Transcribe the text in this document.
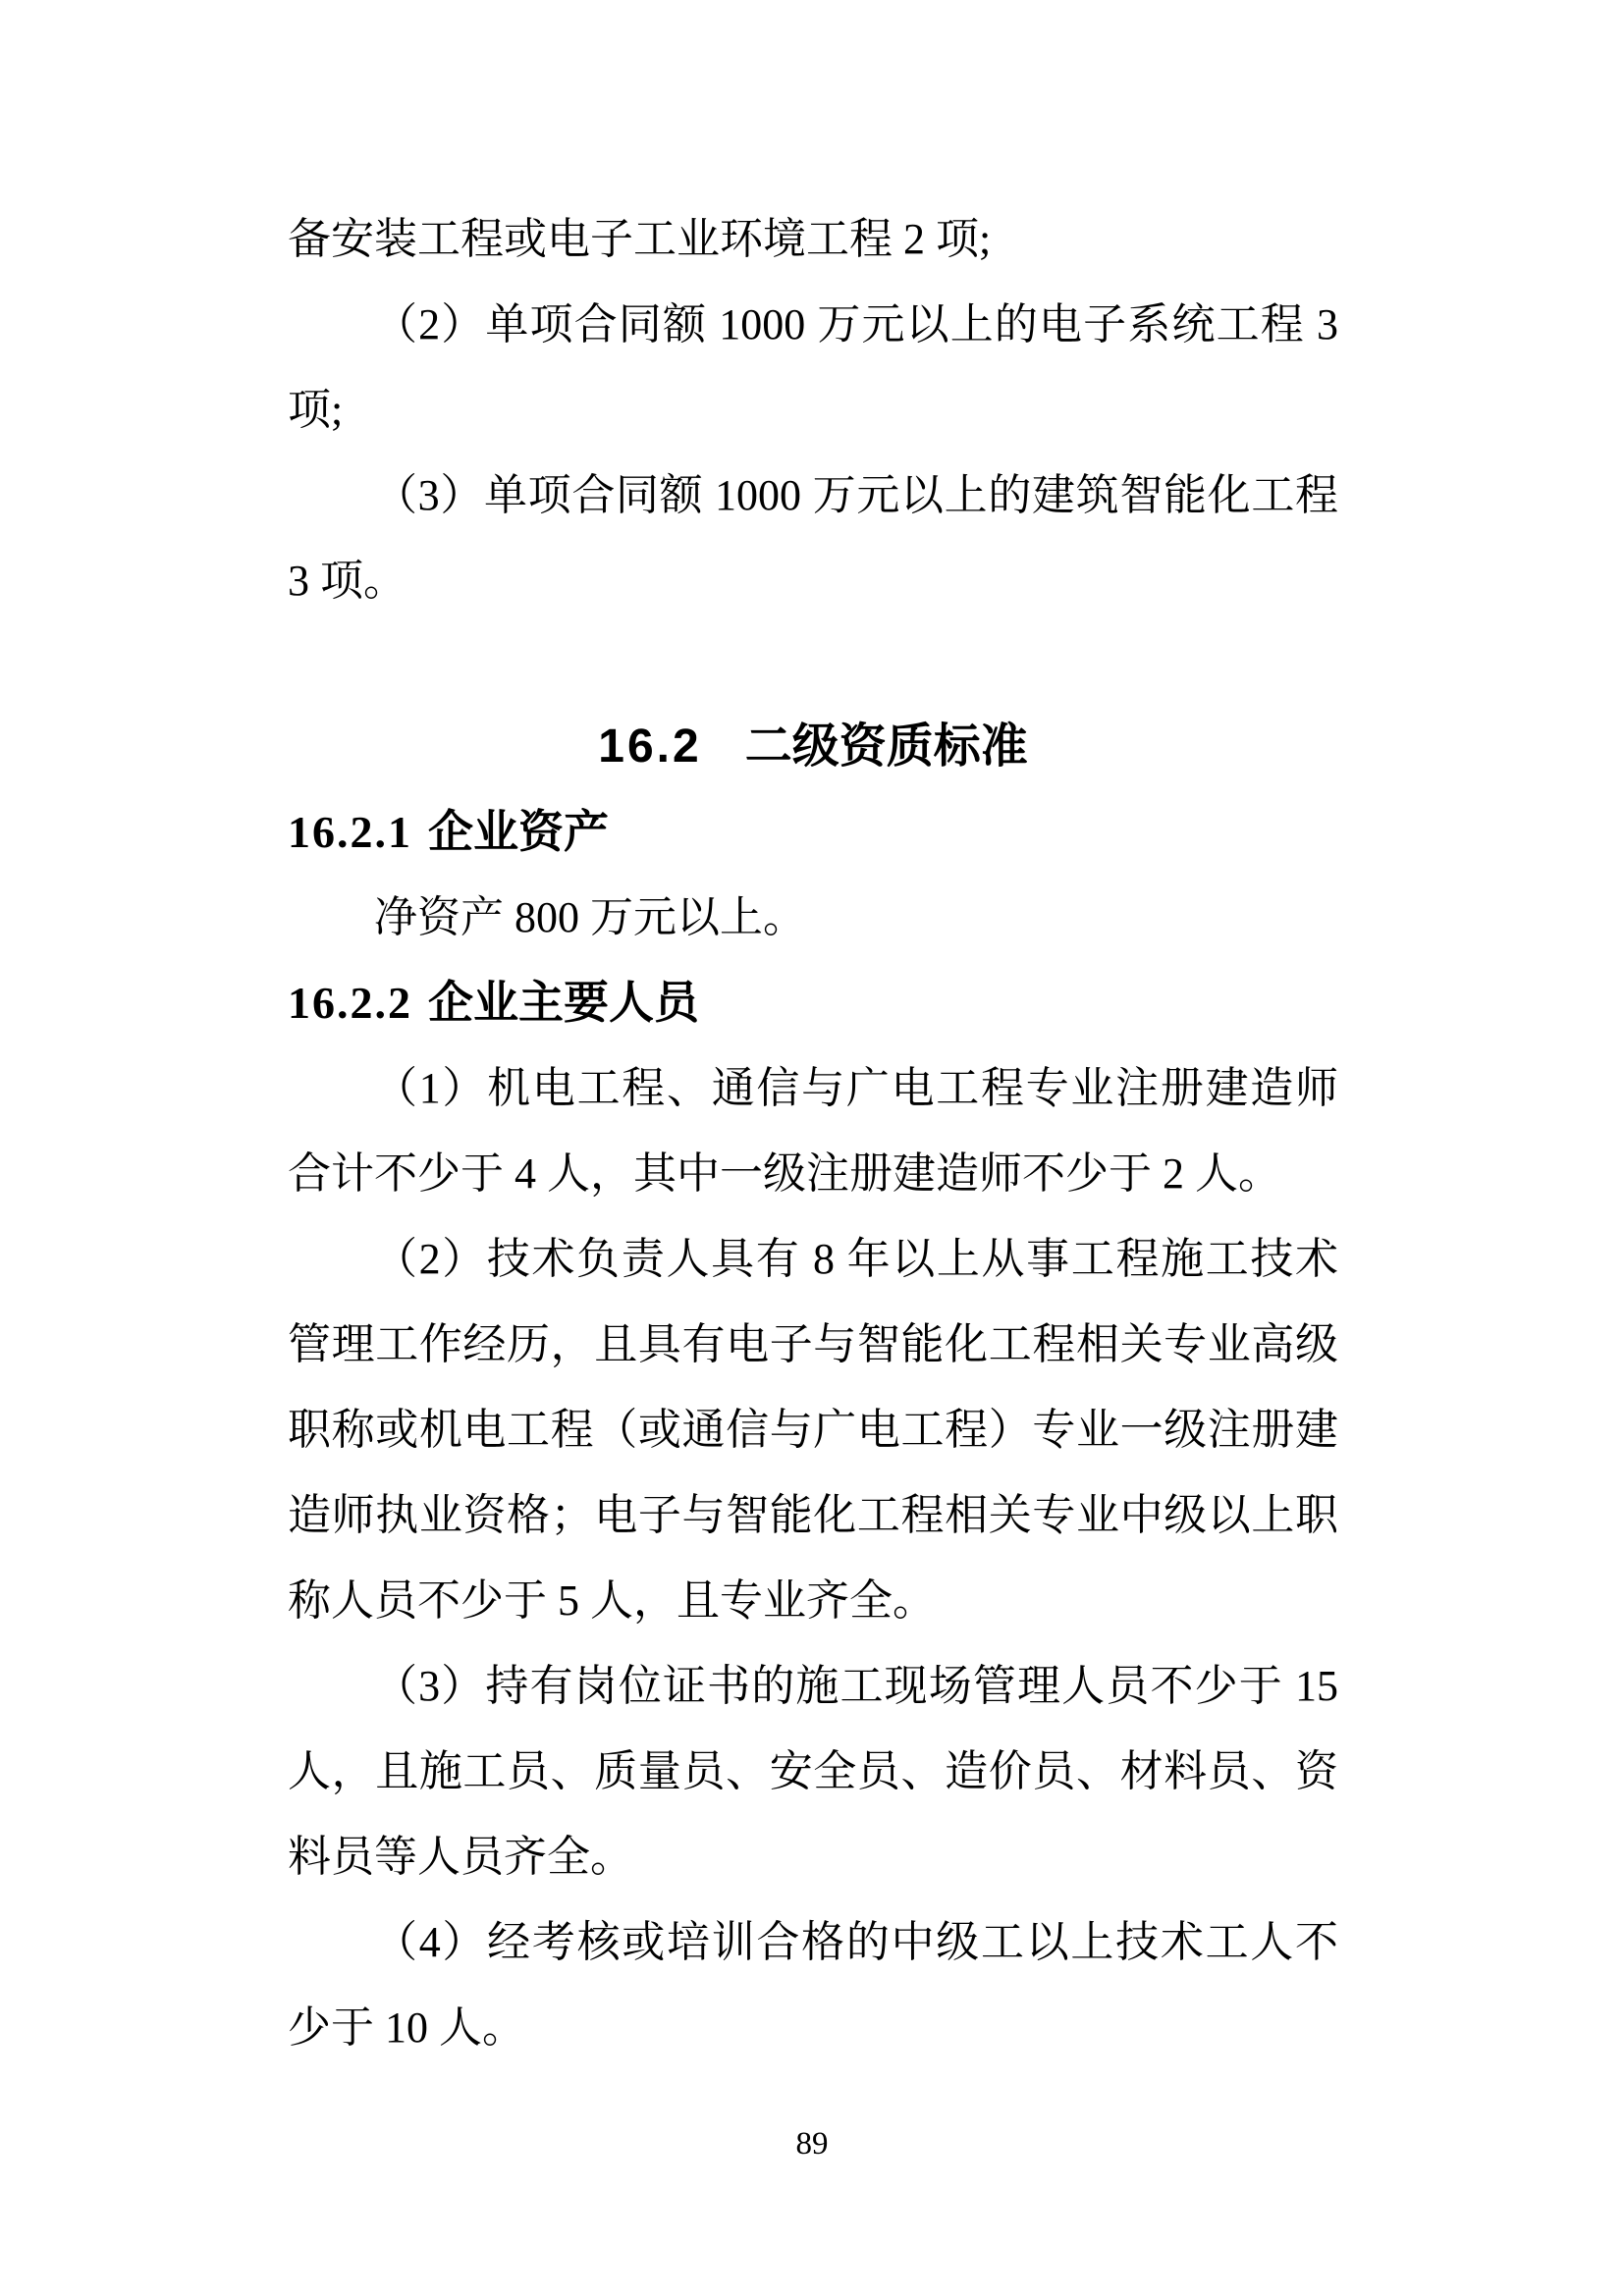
备安装工程或电子工业环境工程 2 项;
（2）单项合同额 1000 万元以上的电子系统工程 3
项;
（3）单项合同额 1000 万元以上的建筑智能化工程
3 项。
16.2 二级资质标准
16.2.1 企业资产
净资产 800 万元以上。
16.2.2 企业主要人员
（1）机电工程、通信与广电工程专业注册建造师
合计不少于 4 人，其中一级注册建造师不少于 2 人。
（2）技术负责人具有 8 年以上从事工程施工技术
管理工作经历，且具有电子与智能化工程相关专业高级
职称或机电工程（或通信与广电工程）专业一级注册建
造师执业资格；电子与智能化工程相关专业中级以上职
称人员不少于 5 人，且专业齐全。
（3）持有岗位证书的施工现场管理人员不少于 15
人，且施工员、质量员、安全员、造价员、材料员、资
料员等人员齐全。
（4）经考核或培训合格的中级工以上技术工人不
少于 10 人。
89
